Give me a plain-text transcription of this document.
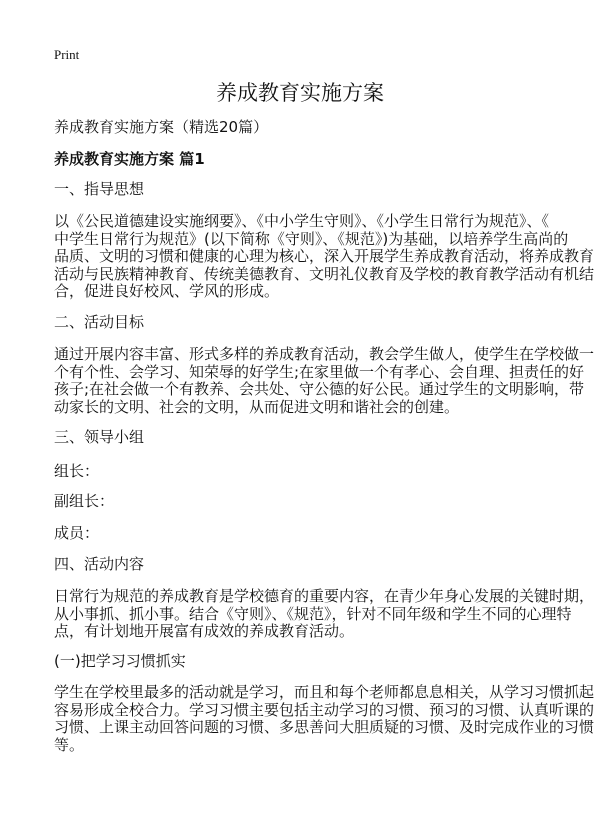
Print
养成教育实施方案
养成教育实施方案（精选20篇）
养成教育实施方案 篇1
一、指导思想
以《公民道德建设实施纲要》、《中小学生守则》、《小学生日常行为规范》、《
中学生日常行为规范》(以下简称《守则》、《规范》)为基础，以培养学生高尚的
品质、文明的习惯和健康的心理为核心，深入开展学生养成教育活动，将养成教育
活动与民族精神教育、传统美德教育、文明礼仪教育及学校的教育教学活动有机结
合，促进良好校风、学风的形成。
二、活动目标
通过开展内容丰富、形式多样的养成教育活动，教会学生做人，使学生在学校做一
个有个性、会学习、知荣辱的好学生;在家里做一个有孝心、会自理、担责任的好
孩子;在社会做一个有教养、会共处、守公德的好公民。通过学生的文明影响，带
动家长的文明、社会的文明，从而促进文明和谐社会的创建。
三、领导小组
组长：
副组长：
成员：
四、活动内容
日常行为规范的养成教育是学校德育的重要内容，在青少年身心发展的关键时期，
从小事抓、抓小事。结合《守则》、《规范》，针对不同年级和学生不同的心理特
点，有计划地开展富有成效的养成教育活动。
(一)把学习习惯抓实
学生在学校里最多的活动就是学习，而且和每个老师都息息相关，从学习习惯抓起
容易形成全校合力。学习习惯主要包括主动学习的习惯、预习的习惯、认真听课的
习惯、上课主动回答问题的习惯、多思善问大胆质疑的习惯、及时完成作业的习惯
等。
